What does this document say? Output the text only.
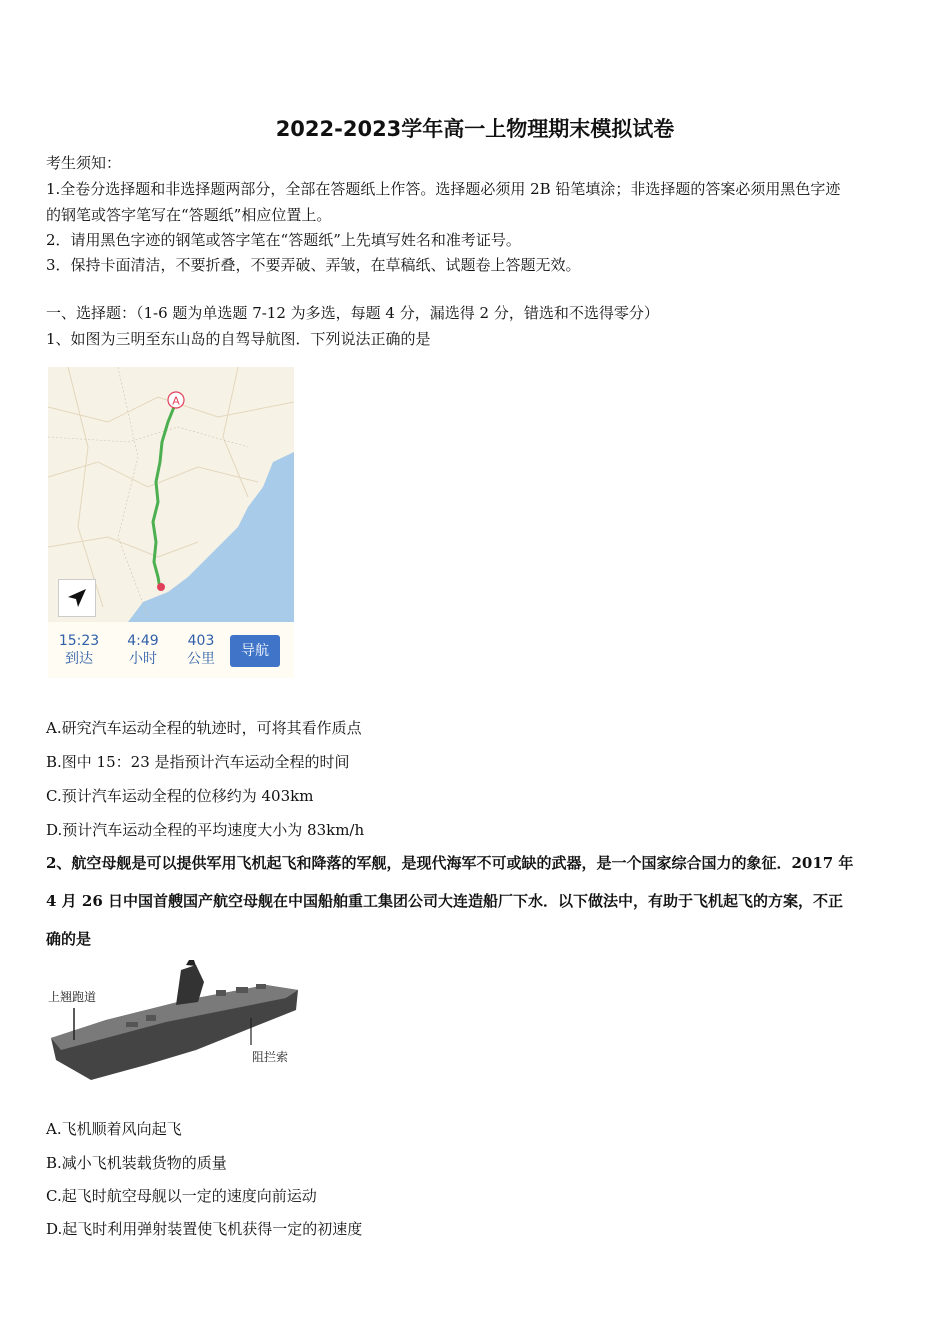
2022-2023学年高一上物理期末模拟试卷
考生须知：
1.全卷分选择题和非选择题两部分，全部在答题纸上作答。选择题必须用 2B 铅笔填涂；非选择题的答案必须用黑色字迹
的钢笔或答字笔写在“答题纸”相应位置上。
2．请用黑色字迹的钢笔或答字笔在“答题纸”上先填写姓名和准考证号。
3．保持卡面清洁，不要折叠，不要弄破、弄皱，在草稿纸、试题卷上答题无效。
一、选择题：（1-6 题为单选题 7-12 为多选，每题 4 分，漏选得 2 分，错选和不选得零分）
1、如图为三明至东山岛的自驾导航图．下列说法正确的是
A
15:23
到达
4:49
小时
403
公里	导航
A.研究汽车运动全程的轨迹时，可将其看作质点
B.图中 15：23 是指预计汽车运动全程的时间
C.预计汽车运动全程的位移约为 403km
D.预计汽车运动全程的平均速度大小为 83km/h
2、航空母舰是可以提供军用飞机起飞和降落的军舰，是现代海军不可或缺的武器，是一个国家综合国力的象征．2017 年
4 月 26 日中国首艘国产航空母舰在中国船舶重工集团公司大连造船厂下水．以下做法中，有助于飞机起飞的方案，不正
确的是
上翘跑道
阻拦索
A.飞机顺着风向起飞
B.减小飞机装载货物的质量
C.起飞时航空母舰以一定的速度向前运动
D.起飞时利用弹射装置使飞机获得一定的初速度
